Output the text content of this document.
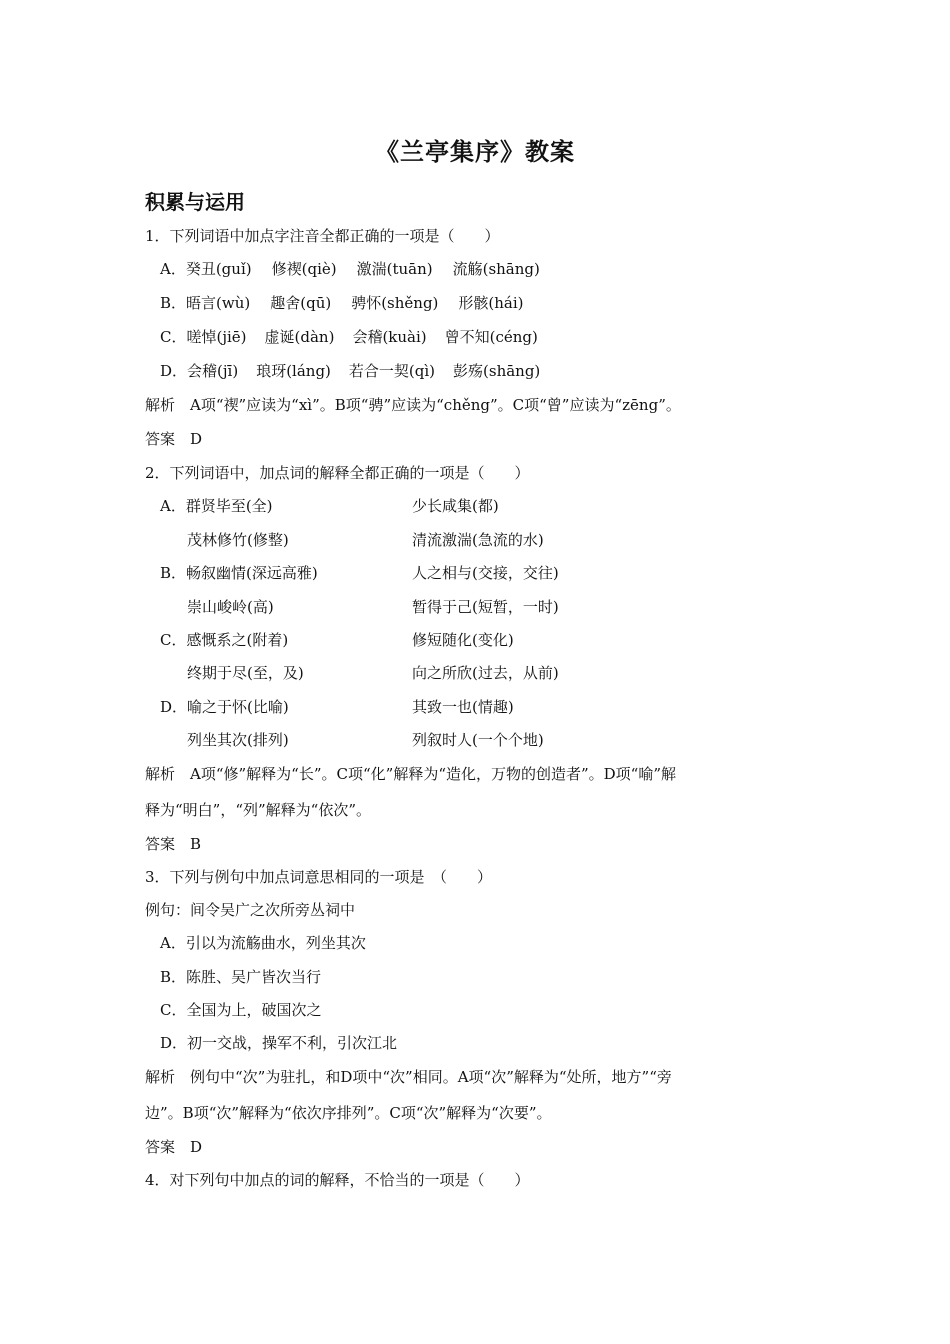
《兰亭集序》教案
积累与运用
1．下列词语中加点字注音全都正确的一项是（　　）
A．癸丑(guǐ) 修禊(qiè) 激湍(tuān) 流觞(shāng)
B．晤言(wù) 趣舍(qū) 骋怀(shěng) 形骸(hái)
C．嗟悼(jiē) 虚诞(dàn) 会稽(kuài) 曾不知(céng)
D．会稽(jī) 琅玡(láng) 若合一契(qì) 彭殇(shāng)
解析　A项“禊”应读为“xì”。B项“骋”应读为“chěng”。C项“曾”应读为“zēng”。
答案　D
2．下列词语中，加点词的解释全都正确的一项是（　　）
A．群贤毕至(全)	少长咸集(都)
茂林修竹(修整)	清流激湍(急流的水)
B．畅叙幽情(深远高雅)	人之相与(交接，交往)
崇山峻岭(高)	暂得于己(短暂，一时)
C．感慨系之(附着)	修短随化(变化)
终期于尽(至，及)	向之所欣(过去，从前)
D．喻之于怀(比喻)	其致一也(情趣)
列坐其次(排列)	列叙时人(一个个地)
解析　A项“修”解释为“长”。C项“化”解释为“造化，万物的创造者”。D项“喻”解
释为“明白”，“列”解释为“依次”。
答案　B
3．下列与例句中加点词意思相同的一项是　（　　）
例句：间令吴广之次所旁丛祠中
A．引以为流觞曲水，列坐其次
B．陈胜、吴广皆次当行
C．全国为上，破国次之
D．初一交战，操军不利，引次江北
解析　例句中“次”为驻扎，和D项中“次”相同。A项“次”解释为“处所，地方”“旁
边”。B项“次”解释为“依次序排列”。C项“次”解释为“次要”。
答案　D
4．对下列句中加点的词的解释，不恰当的一项是（　　）
